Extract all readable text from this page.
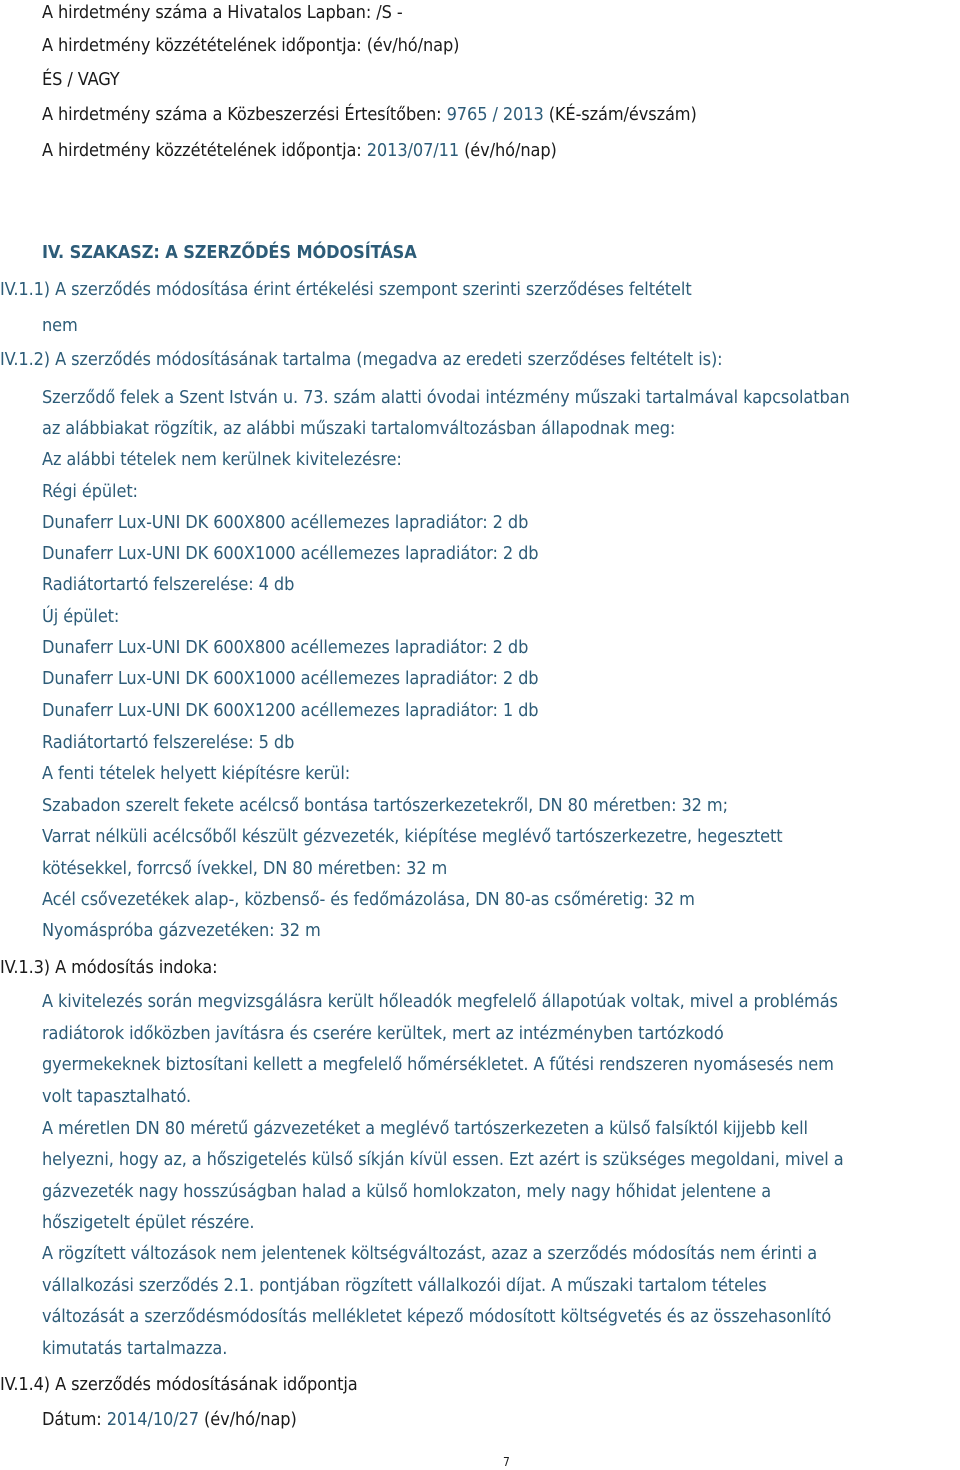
A hirdetmény száma a Hivatalos Lapban: /S -
A hirdetmény közzétételének időpontja: (év/hó/nap)
ÉS / VAGY
A hirdetmény száma a Közbeszerzési Értesítőben: 9765 / 2013 (KÉ-szám/évszám)
A hirdetmény közzétételének időpontja: 2013/07/11 (év/hó/nap)
IV. SZAKASZ: A SZERZŐDÉS MÓDOSÍTÁSA
IV.1.1) A szerződés módosítása érint értékelési szempont szerinti szerződéses feltételt
nem
IV.1.2) A szerződés módosításának tartalma (megadva az eredeti szerződéses feltételt is):
Szerződő felek a Szent István u. 73. szám alatti óvodai intézmény műszaki tartalmával kapcsolatban
az alábbiakat rögzítik, az alábbi műszaki tartalomváltozásban állapodnak meg:
Az alábbi tételek nem kerülnek kivitelezésre:
Régi épület:
Dunaferr Lux-UNI DK 600X800 acéllemezes lapradiátor: 2 db
Dunaferr Lux-UNI DK 600X1000 acéllemezes lapradiátor: 2 db
Radiátortartó felszerelése: 4 db
Új épület:
Dunaferr Lux-UNI DK 600X800 acéllemezes lapradiátor: 2 db
Dunaferr Lux-UNI DK 600X1000 acéllemezes lapradiátor: 2 db
Dunaferr Lux-UNI DK 600X1200 acéllemezes lapradiátor: 1 db
Radiátortartó felszerelése: 5 db
A fenti tételek helyett kiépítésre kerül:
Szabadon szerelt fekete acélcső bontása tartószerkezetekről, DN 80 méretben: 32 m;
Varrat nélküli acélcsőből készült gézvezeték, kiépítése meglévő tartószerkezetre, hegesztett
kötésekkel, forrcső ívekkel, DN 80 méretben: 32 m
Acél csővezetékek alap-, közbenső- és fedőmázolása, DN 80-as csőméretig: 32 m
Nyomáspróba gázvezetéken: 32 m
IV.1.3) A módosítás indoka:
A kivitelezés során megvizsgálásra került hőleadók megfelelő állapotúak voltak, mivel a problémás
radiátorok időközben javításra és cserére kerültek, mert az intézményben tartózkodó
gyermekeknek biztosítani kellett a megfelelő hőmérsékletet. A fűtési rendszeren nyomásesés nem
volt tapasztalható.
A méretlen DN 80 méretű gázvezetéket a meglévő tartószerkezeten a külső falsíktól kijjebb kell
helyezni, hogy az, a hőszigetelés külső síkján kívül essen. Ezt azért is szükséges megoldani, mivel a
gázvezeték nagy hosszúságban halad a külső homlokzaton, mely nagy hőhidat jelentene a
hőszigetelt épület részére.
A rögzített változások nem jelentenek költségváltozást, azaz a szerződés módosítás nem érinti a
vállalkozási szerződés 2.1. pontjában rögzített vállalkozói díjat. A műszaki tartalom tételes
változását a szerződésmódosítás mellékletet képező módosított költségvetés és az összehasonlító
kimutatás tartalmazza.
IV.1.4) A szerződés módosításának időpontja
Dátum: 2014/10/27 (év/hó/nap)
7
